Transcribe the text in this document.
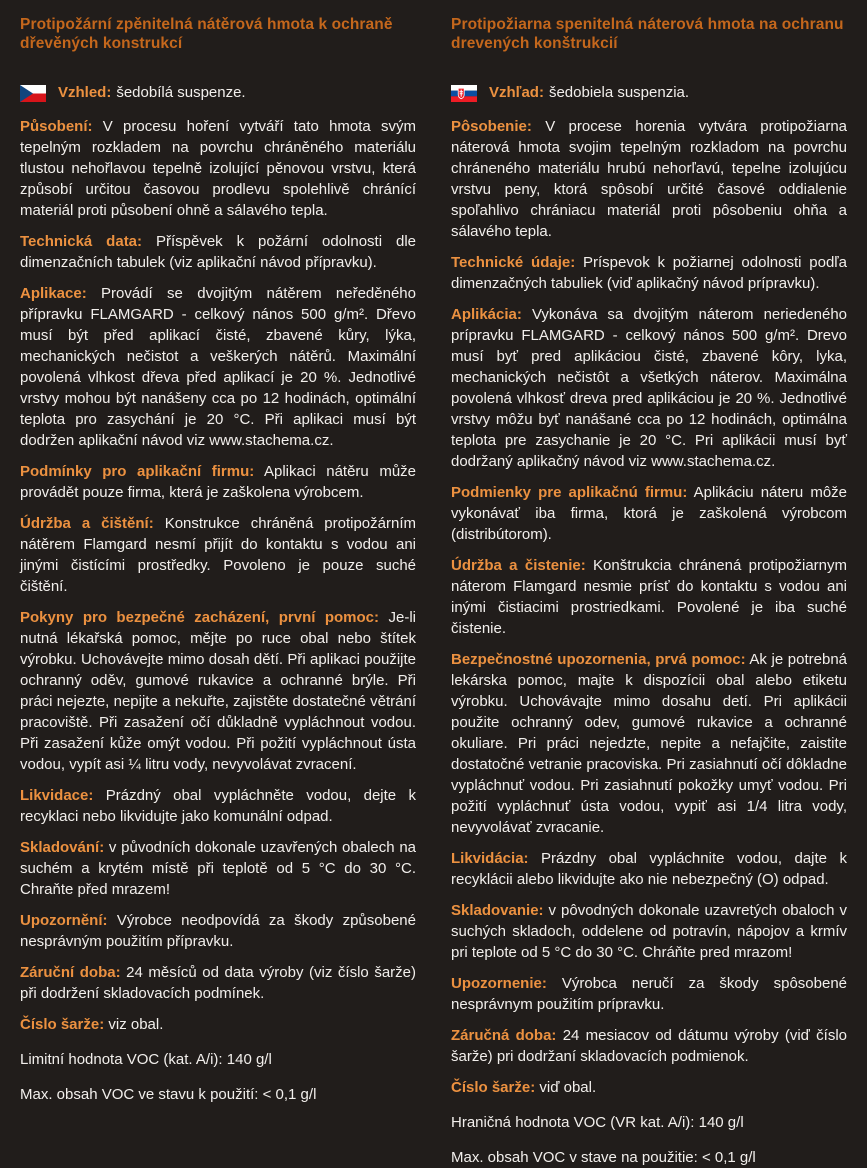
Protipožární zpěnitelná nátěrová hmota k ochraně dřevěných konstrukcí
Vzhled: šedobílá suspenze.

Působení: V procesu hoření vytváří tato hmota svým tepelným rozkladem na povrchu chráněného materiálu tlustou nehořlavou tepelně izolující pěnovou vrstvu, která způsobí určitou časovou prodlevu spolehlivě chránící materiál proti působení ohně a sálavého tepla.

Technická data: Příspěvek k požární odolnosti dle dimenzačních tabulek (viz aplikační návod přípravku).

Aplikace: Provádí se dvojitým nátěrem neředěného přípravku FLAMGARD - celkový nános 500 g/m². Dřevo musí být před aplikací čisté, zbavené kůry, lýka, mechanických nečistot a veškerých nátěrů. Maximální povolená vlhkost dřeva před aplikací je 20 %. Jednotlivé vrstvy mohou být nanášeny cca po 12 hodinách, optimální teplota pro zasychání je 20 °C. Při aplikaci musí být dodržen aplikační návod viz www.stachema.cz.

Podmínky pro aplikační firmu: Aplikaci nátěru může provádět pouze firma, která je zaškolena výrobcem.

Údržba a čištění: Konstrukce chráněná protipožárním nátěrem Flamgard nesmí přijít do kontaktu s vodou ani jinými čistícími prostředky. Povoleno je pouze suché čištění.

Pokyny pro bezpečné zacházení, první pomoc: Je-li nutná lékařská pomoc, mějte po ruce obal nebo štítek výrobku. Uchovávejte mimo dosah dětí. Při aplikaci použijte ochranný oděv, gumové rukavice a ochranné brýle. Při práci nejezte, nepijte a nekuřte, zajistěte dostatečné větrání pracoviště. Při zasažení očí důkladně vypláchnout vodou. Při zasažení kůže omýt vodou. Při požití vypláchnout ústa vodou, vypít asi ¼ litru vody, nevyvolávat zvracení.

Likvidace: Prázdný obal vypláchněte vodou, dejte k recyklaci nebo likvidujte jako komunální odpad.

Skladování: v původních dokonale uzavřených obalech na suchém a krytém místě při teplotě od 5 °C do 30 °C. Chraňte před mrazem!

Upozornění: Výrobce neodpovídá za škody způsobené nesprávným použitím přípravku.

Záruční doba: 24 měsíců od data výroby (viz číslo šarže) při dodržení skladovacích podmínek.

Číslo šarže: viz obal.

Limitní hodnota VOC (kat. A/i): 140 g/l

Max. obsah VOC ve stavu k použití: < 0,1 g/l

Protipožiarna spenitelná náterová hmota na ochranu drevených konštrukcií
Vzhľad: šedobiela suspenzia.

Pôsobenie: V procese horenia vytvára protipožiarna náterová hmota svojim tepelným rozkladom na povrchu chráneného materiálu hrubú nehorľavú, tepelne izolujúcu vrstvu peny, ktorá spôsobí určité časové oddialenie spoľahlivo chrániacu materiál proti pôsobeniu ohňa a sálavého tepla.

Technické údaje: Príspevok k požiarnej odolnosti podľa dimenzačných tabuliek (viď aplikačný návod prípravku).

Aplikácia: Vykonáva sa dvojitým náterom neriedeného prípravku FLAMGARD - celkový nános 500 g/m². Drevo musí byť pred aplikáciou čisté, zbavené kôry, lyka, mechanických nečistôt a všetkých náterov. Maximálna povolená vlhkosť dreva pred aplikáciou je 20 %. Jednotlivé vrstvy môžu byť nanášané cca po 12 hodinách, optimálna teplota pre zasychanie je 20 °C. Pri aplikácii musí byť dodržaný aplikačný návod viz www.stachema.cz.

Podmienky pre aplikačnú firmu: Aplikáciu náteru môže vykonávať iba firma, ktorá je zaškolená výrobcom (distribútorom).

Údržba a čistenie: Konštrukcia chránená protipožiarnym náterom Flamgard nesmie prísť do kontaktu s vodou ani inými čistiacimi prostriedkami. Povolené je iba suché čistenie.

Bezpečnostné upozornenia, prvá pomoc: Ak je potrebná lekárska pomoc, majte k dispozícii obal alebo etiketu výrobku. Uchovávajte mimo dosahu detí. Pri aplikácii použite ochranný odev, gumové rukavice a ochranné okuliare. Pri práci nejedzte, nepite a nefajčite, zaistite dostatočné vetranie pracoviska. Pri zasiahnutí očí dôkladne vypláchnuť vodou. Pri zasiahnutí pokožky umyť vodou. Pri požití vypláchnuť ústa vodou, vypiť asi 1/4 litra vody, nevyvolávať zvracanie.

Likvidácia: Prázdny obal vypláchnite vodou, dajte k recyklácii alebo likvidujte ako nie nebezpečný (O) odpad.

Skladovanie: v pôvodných dokonale uzavretých obaloch v suchých skladoch, oddelene od potravín, nápojov a krmív pri teplote od 5 °C do 30 °C. Chráňte pred mrazom!

Upozornenie: Výrobca neručí za škody spôsobené nesprávnym použitím prípravku.

Záručná doba: 24 mesiacov od dátumu výroby (viď číslo šarže) pri dodržaní skladovacích podmienok.

Číslo šarže: viď obal.

Hraničná hodnota VOC (VR kat. A/i): 140 g/l

Max. obsah VOC v stave na použitie: < 0,1 g/l
